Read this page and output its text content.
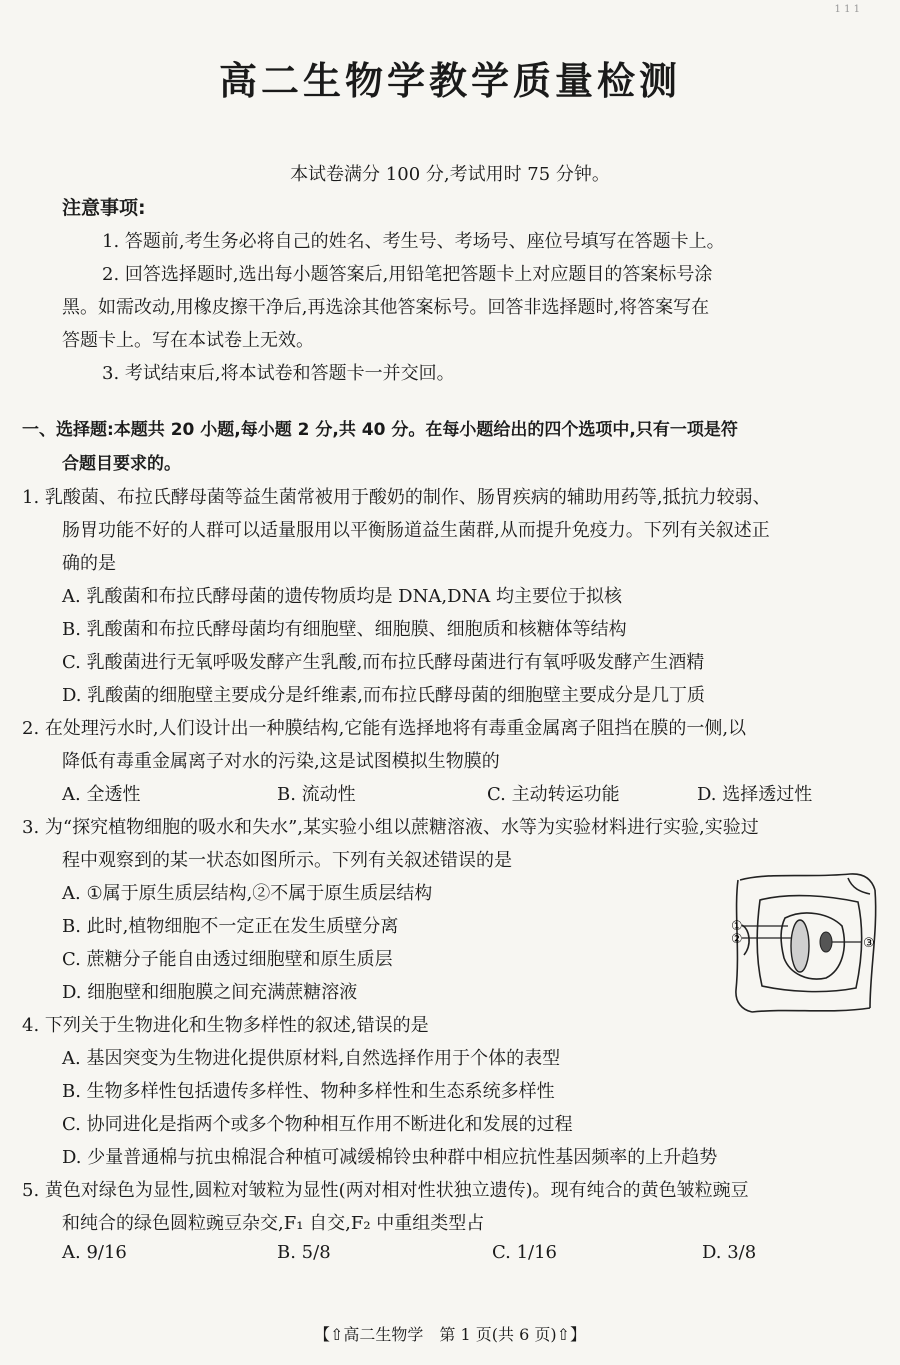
1 1 1
高二生物学教学质量检测
本试卷满分 100 分,考试用时 75 分钟。
注意事项:
1. 答题前,考生务必将自己的姓名、考生号、考场号、座位号填写在答题卡上。
2. 回答选择题时,选出每小题答案后,用铅笔把答题卡上对应题目的答案标号涂
黑。如需改动,用橡皮擦干净后,再选涂其他答案标号。回答非选择题时,将答案写在
答题卡上。写在本试卷上无效。
3. 考试结束后,将本试卷和答题卡一并交回。
一、选择题:本题共 20 小题,每小题 2 分,共 40 分。在每小题给出的四个选项中,只有一项是符
合题目要求的。
1. 乳酸菌、布拉氏酵母菌等益生菌常被用于酸奶的制作、肠胃疾病的辅助用药等,抵抗力较弱、
肠胃功能不好的人群可以适量服用以平衡肠道益生菌群,从而提升免疫力。下列有关叙述正
确的是
A. 乳酸菌和布拉氏酵母菌的遗传物质均是 DNA,DNA 均主要位于拟核
B. 乳酸菌和布拉氏酵母菌均有细胞壁、细胞膜、细胞质和核糖体等结构
C. 乳酸菌进行无氧呼吸发酵产生乳酸,而布拉氏酵母菌进行有氧呼吸发酵产生酒精
D. 乳酸菌的细胞壁主要成分是纤维素,而布拉氏酵母菌的细胞壁主要成分是几丁质
2. 在处理污水时,人们设计出一种膜结构,它能有选择地将有毒重金属离子阻挡在膜的一侧,以
降低有毒重金属离子对水的污染,这是试图模拟生物膜的
A. 全透性	B. 流动性	C. 主动转运功能	D. 选择透过性
3. 为“探究植物细胞的吸水和失水”,某实验小组以蔗糖溶液、水等为实验材料进行实验,实验过
程中观察到的某一状态如图所示。下列有关叙述错误的是
A. ①属于原生质层结构,②不属于原生质层结构
B. 此时,植物细胞不一定正在发生质壁分离
C. 蔗糖分子能自由透过细胞壁和原生质层
D. 细胞壁和细胞膜之间充满蔗糖溶液
①
②	③
4. 下列关于生物进化和生物多样性的叙述,错误的是
A. 基因突变为生物进化提供原材料,自然选择作用于个体的表型
B. 生物多样性包括遗传多样性、物种多样性和生态系统多样性
C. 协同进化是指两个或多个物种相互作用不断进化和发展的过程
D. 少量普通棉与抗虫棉混合种植可减缓棉铃虫种群中相应抗性基因频率的上升趋势
5. 黄色对绿色为显性,圆粒对皱粒为显性(两对相对性状独立遗传)。现有纯合的黄色皱粒豌豆
和纯合的绿色圆粒豌豆杂交,F₁ 自交,F₂ 中重组类型占
A. 9/16	B. 5/8	C. 1/16	D. 3/8
【⇧高二生物学　第 1 页(共 6 页)⇧】
